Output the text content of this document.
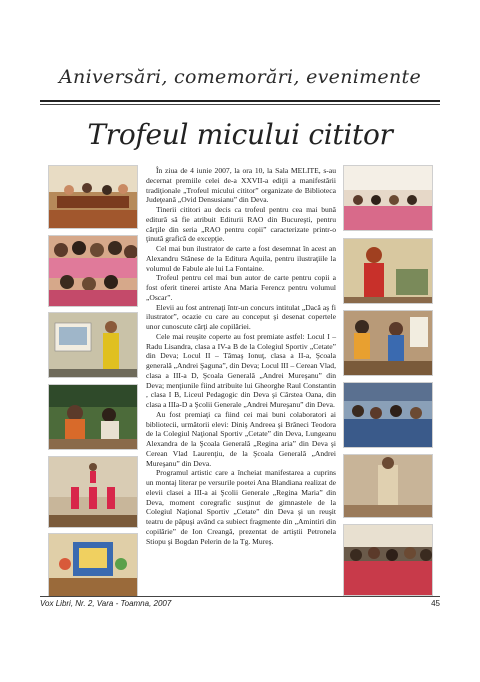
Aniversări, comemorări, evenimente
Trofeul micului cititor

În ziua de 4 iunie 2007, la ora 10, la Sala MELITE, s-au decernat premiile celei de-a XXVII-a ediţii a manifestării tradiţionale „Trofeul micului cititor” organizate de Biblioteca Judeţeană „Ovid Densusianu” din Deva.

Tinerii cititori au decis ca trofeul pentru cea mai bună editură să fie atribuit Editurii RAO din Bucureşti, pentru cărţile din seria „RAO pentru copii” caracterizate printr-o ţinută grafică de excepţie.

Cel mai bun ilustrator de carte a fost desemnat în acest an Alexandru Stănese de la Editura Aquila, pentru ilustraţiile la volumul de Fabule ale lui La Fontaine.

Trofeul pentru cel mai bun autor de carte pentru copii a fost oferit tinerei artiste Ana Maria Ferencz pentru volumul „Oscar”.

Elevii au fost antrenaţi într-un concurs intitulat „Dacă aş fi ilustrator”, ocazie cu care au conceput şi desenat copertele unor cunoscute cărţi ale copilăriei.

Cele mai reuşite coperte au fost premiate astfel: Locul I – Radu Lisandra, clasa a IV-a B de la Colegiul Sportiv „Cetate” din Deva; Locul II – Tămaş Ionuţ, clasa a II-a, Şcoala generală „Andrei Şaguna”, din Deva; Locul III – Cerean Vlad, clasa a III-a D, Şcoala Generală „Andrei Mureşanu” din Deva; menţiunile fiind atribuite lui Gheorghe Raul Constantin , clasa I B, Liceul Pedagogic din Deva şi Cârstea Oana, din clasa a IIIa-D a Şcolii Generale „Andrei Mureşanu” din Deva.

Au fost premiaţi ca fiind cei mai buni colaboratori ai bibliotecii, următorii elevi: Diniş Andreea şi Brâneci Teodora de la Colegiul Naţional Sportiv „Cetate” din Deva, Lungeanu Alexandra de la Şcoala Generală „Regina aria” din Deva şi Cerean Vlad Laurenţiu, de la Şcoala Generală „Andrei Mureşanu” din Deva.

Programul artistic care a încheiat manifestarea a cuprins un montaj literar pe versurile poetei Ana Blandiana realizat de elevii clasei a III-a ai Şcolii Generale „Regina Maria” din Deva, moment coregrafic susţinut de gimnastele de la Colegiul Naţional Sportiv „Cetate” din Deva şi un reuşit teatru de păpuşi având ca subiect fragmente din „Amintiri din copilărie” de Ion Creangă, prezentat de artiştii Petronela Stiopu şi Bogdan Pelerin de la Tg. Mureş.

Vox Libri, Nr. 2, Vara - Toamna, 2007	45
